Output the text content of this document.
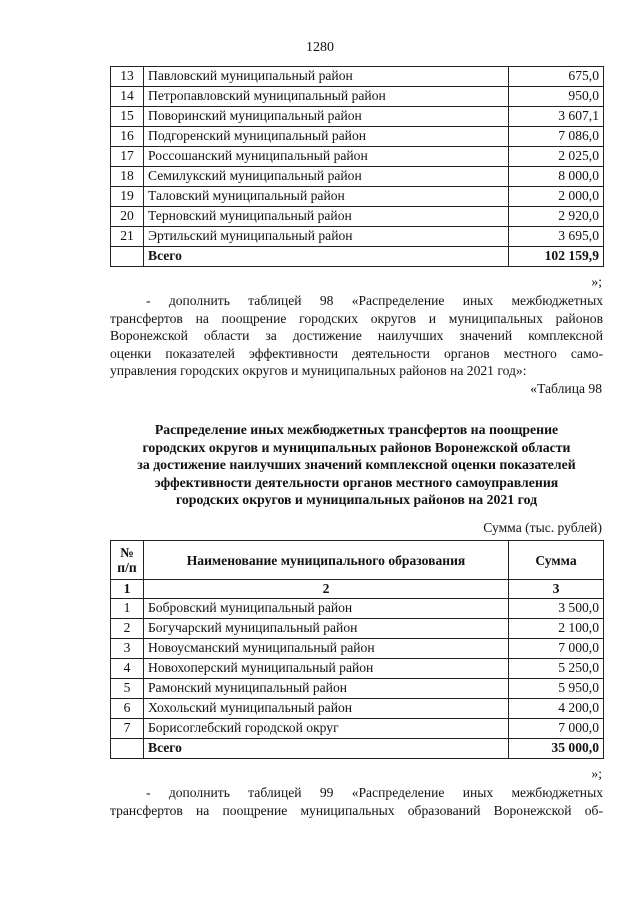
1280
13	Павловский муниципальный район	675,0
14	Петропавловский муниципальный район	950,0
15	Поворинский муниципальный район	3 607,1
16	Подгоренский муниципальный район	7 086,0
17	Россошанский муниципальный район	2 025,0
18	Семилукский муниципальный район	8 000,0
19	Таловский муниципальный район	2 000,0
20	Терновский муниципальный район	2 920,0
21	Эртильский муниципальный район	3 695,0
	Всего	102 159,9
»;
- дополнить таблицей 98 «Распределение иных межбюджетных
трансфертов на поощрение городских округов и муниципальных районов
Воронежской области за достижение наилучших значений комплексной
оценки показателей эффективности деятельности органов местного само-
управления городских округов и муниципальных районов на 2021 год»:
«Таблица 98
Распределение иных межбюджетных трансфертов на поощрение
городских округов и муниципальных районов Воронежской области
за достижение наилучших значений комплексной оценки показателей
эффективности деятельности органов местного самоуправления
городских округов и муниципальных районов на 2021 год
Сумма (тыс. рублей)
№ п/п	Наименование муниципального образования	Сумма
1	2	3
1	Бобровский муниципальный район	3 500,0
2	Богучарский муниципальный район	2 100,0
3	Новоусманский муниципальный район	7 000,0
4	Новохоперский муниципальный район	5 250,0
5	Рамонский муниципальный район	5 950,0
6	Хохольский муниципальный район	4 200,0
7	Борисоглебский городской округ	7 000,0
	Всего	35 000,0
»;
- дополнить таблицей 99 «Распределение иных межбюджетных
трансфертов на поощрение муниципальных образований Воронежской об-
